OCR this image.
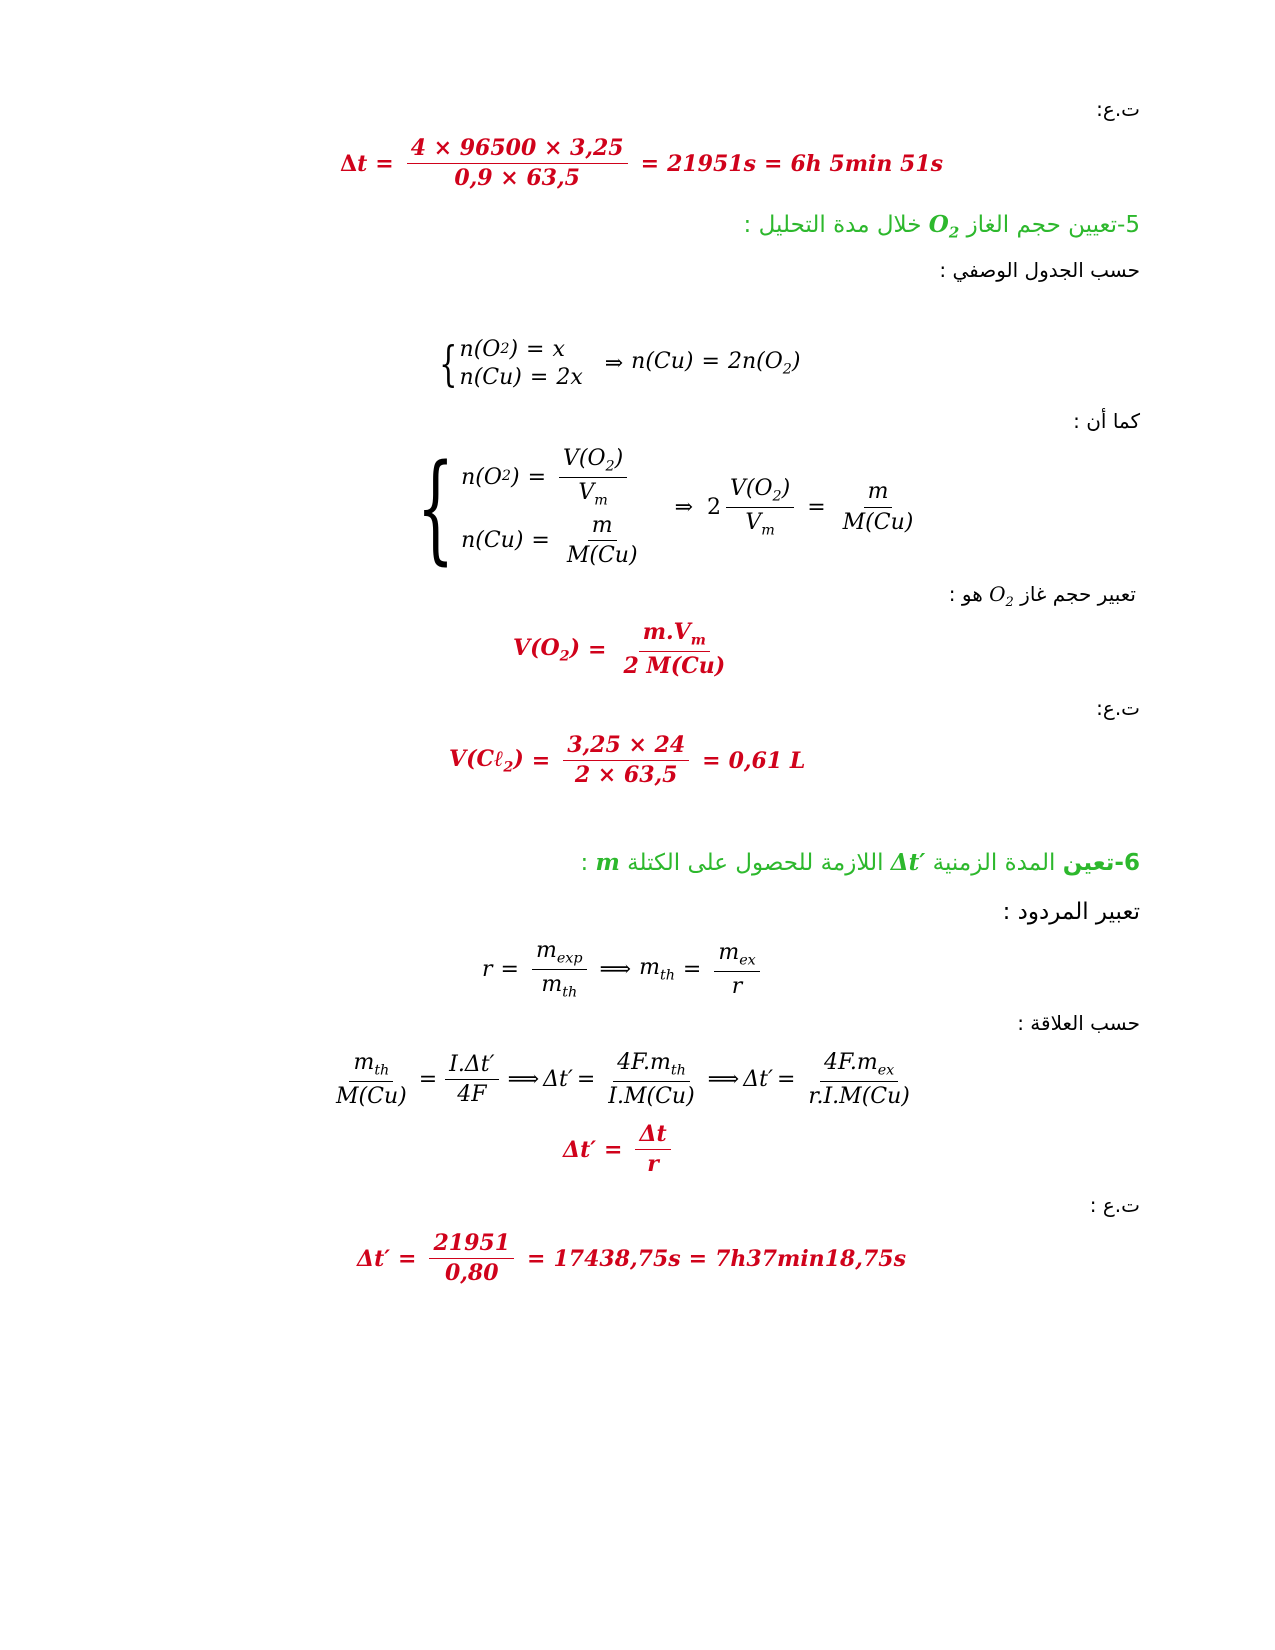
ت.ع:
Δ $t = \frac{4 \times 96500 \times 3,25}{0,9 \times 63,5} = 21951$ s = 6 h 5 min 51 s
5-تعيين حجم الغاز $O_2$ خلال مدة التحليل :
حسب الجدول الوصفي :
{ n(O 2 ) = x
n(Cu) = 2x
⇒ $n(Cu) = 2n(O_2)$
كما أن :
{ n(O 2 ) = $\frac{V(O_2)}{V_m}$
$n(Cu) = \frac{m}{M(Cu)}$
⇒ $2 \frac{V(O_2)}{V_m} = \frac{m}{M(Cu)}$
تعبير حجم غاز $O_2$ هو :
$V(O_2) = \frac{m.V_m}{2 M(Cu)}$
ت.ع:
V(Cℓ$_2$) = $\frac{3,25 \times 24}{2 \times 63,5} = 0,61$ L
6-تعين المدة الزمنية Δt′ اللازمة للحصول على الكتلة m :
تعبير المردود :
$r = \frac{m_{exp}}{m_{th}}$ ⟹ $m_{th} = \frac{m_{ex}}{r}$
حسب العلاقة :
$\frac{m_{th}}{M(Cu)} = \frac{I.\Delta t'}{4F}$ ⟹ $\Delta t' = \frac{4F.m_{th}}{I.M(Cu)}$ ⟹ $\Delta t' = \frac{4F.m_{ex}}{r.I.M(Cu)}$
$\Delta t' = \frac{\Delta t}{r}$
ت.ع :
$\Delta t' = \frac{21951}{0,80} = 17438,75$ s = 7 h 37 min 18,75 s
